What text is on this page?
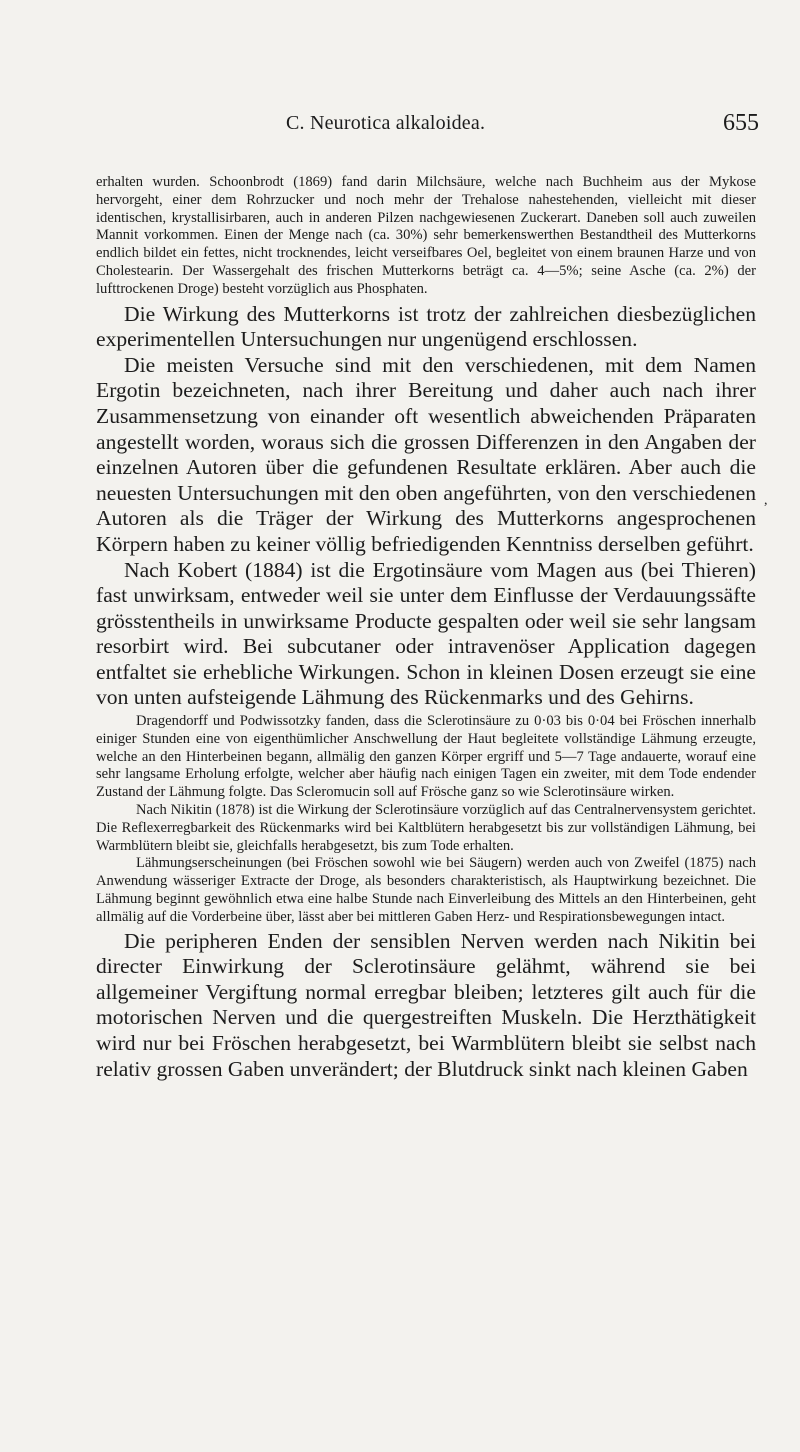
C. Neurotica alkaloidea.	655
,

erhalten wurden. Schoonbrodt (1869) fand darin Milchsäure, welche nach Buchheim aus der Mykose hervorgeht, einer dem Rohrzucker und noch mehr der Trehalose nahestehenden, vielleicht mit dieser identischen, krystallisirbaren, auch in anderen Pilzen nachgewiesenen Zuckerart. Daneben soll auch zuweilen Mannit vorkommen. Einen der Menge nach (ca. 30%) sehr bemerkenswerthen Bestandtheil des Mutterkorns endlich bildet ein fettes, nicht trocknendes, leicht verseifbares Oel, begleitet von einem braunen Harze und von Cholestearin. Der Wassergehalt des frischen Mutterkorns beträgt ca. 4—5%; seine Asche (ca. 2%) der lufttrockenen Droge) besteht vorzüglich aus Phosphaten.

Die Wirkung des Mutterkorns ist trotz der zahlreichen diesbezüglichen experimentellen Untersuchungen nur ungenügend erschlossen.

Die meisten Versuche sind mit den verschiedenen, mit dem Namen Ergotin bezeichneten, nach ihrer Bereitung und daher auch nach ihrer Zusammensetzung von einander oft wesentlich abweichenden Präparaten angestellt worden, woraus sich die grossen Differenzen in den Angaben der einzelnen Autoren über die gefundenen Resultate erklären. Aber auch die neuesten Untersuchungen mit den oben angeführten, von den verschiedenen Autoren als die Träger der Wirkung des Mutterkorns angesprochenen Körpern haben zu keiner völlig befriedigenden Kenntniss derselben geführt.

Nach Kobert (1884) ist die Ergotinsäure vom Magen aus (bei Thieren) fast unwirksam, entweder weil sie unter dem Einflusse der Verdauungssäfte grösstentheils in unwirksame Producte gespalten oder weil sie sehr langsam resorbirt wird. Bei subcutaner oder intravenöser Application dagegen entfaltet sie erhebliche Wirkungen. Schon in kleinen Dosen erzeugt sie eine von unten aufsteigende Lähmung des Rückenmarks und des Gehirns.

Dragendorff und Podwissotzky fanden, dass die Sclerotinsäure zu 0·03 bis 0·04 bei Fröschen innerhalb einiger Stunden eine von eigenthümlicher Anschwellung der Haut begleitete vollständige Lähmung erzeugte, welche an den Hinterbeinen begann, allmälig den ganzen Körper ergriff und 5—7 Tage andauerte, worauf eine sehr langsame Erholung erfolgte, welcher aber häufig nach einigen Tagen ein zweiter, mit dem Tode endender Zustand der Lähmung folgte. Das Scleromucin soll auf Frösche ganz so wie Sclerotinsäure wirken.

Nach Nikitin (1878) ist die Wirkung der Sclerotinsäure vorzüglich auf das Centralnervensystem gerichtet. Die Reflexerregbarkeit des Rückenmarks wird bei Kaltblütern herabgesetzt bis zur vollständigen Lähmung, bei Warmblütern bleibt sie, gleichfalls herabgesetzt, bis zum Tode erhalten.

Lähmungserscheinungen (bei Fröschen sowohl wie bei Säugern) werden auch von Zweifel (1875) nach Anwendung wässeriger Extracte der Droge, als besonders charakteristisch, als Hauptwirkung bezeichnet. Die Lähmung beginnt gewöhnlich etwa eine halbe Stunde nach Einverleibung des Mittels an den Hinterbeinen, geht allmälig auf die Vorderbeine über, lässt aber bei mittleren Gaben Herz- und Respirationsbewegungen intact.

Die peripheren Enden der sensiblen Nerven werden nach Nikitin bei directer Einwirkung der Sclerotinsäure gelähmt, während sie bei allgemeiner Vergiftung normal erregbar bleiben; letzteres gilt auch für die motorischen Nerven und die quergestreiften Muskeln. Die Herzthätigkeit wird nur bei Fröschen herabgesetzt, bei Warmblütern bleibt sie selbst nach relativ grossen Gaben unverändert; der Blutdruck sinkt nach kleinen Gaben
